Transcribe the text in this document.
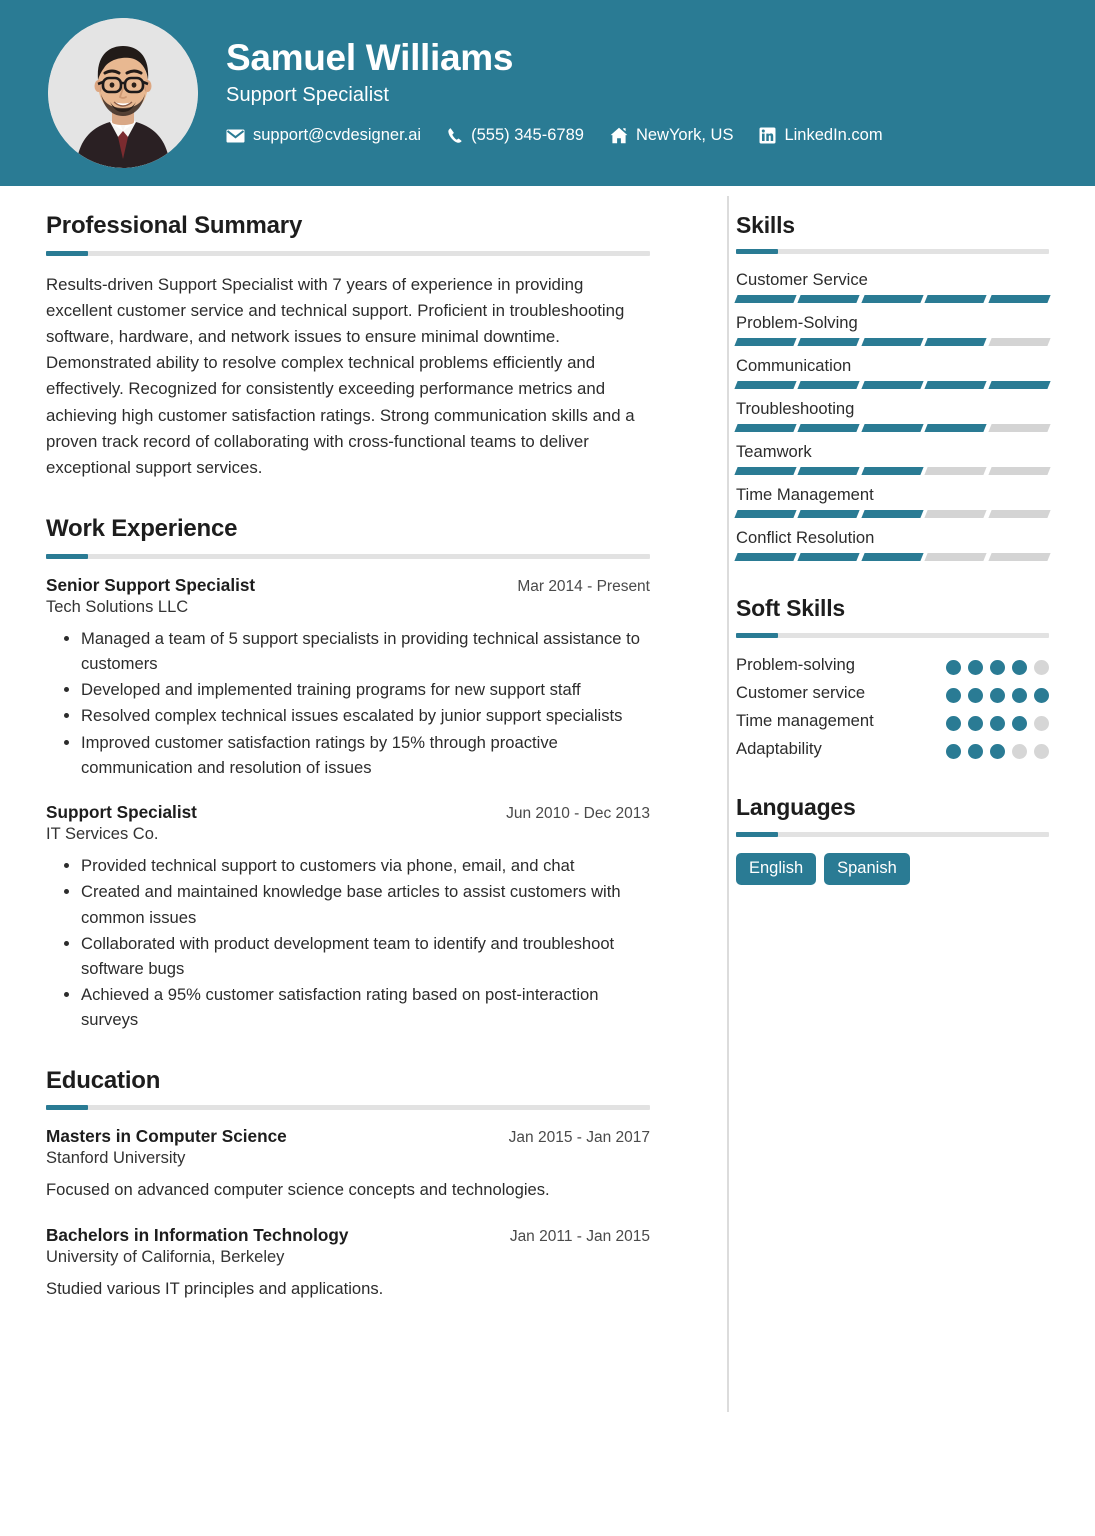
Samuel Williams
Support Specialist
support@cvdesigner.ai	(555) 345-6789	NewYork, US	LinkedIn.com
Professional Summary
Results-driven Support Specialist with 7 years of experience in providing excellent customer service and technical support. Proficient in troubleshooting software, hardware, and network issues to ensure minimal downtime. Demonstrated ability to resolve complex technical problems efficiently and effectively. Recognized for consistently exceeding performance metrics and achieving high customer satisfaction ratings. Strong communication skills and a proven track record of collaborating with cross-functional teams to deliver exceptional support services.
Work Experience
Senior Support Specialist	Mar 2014 - Present
Tech Solutions LLC
• Managed a team of 5 support specialists in providing technical assistance to customers
• Developed and implemented training programs for new support staff
• Resolved complex technical issues escalated by junior support specialists
• Improved customer satisfaction ratings by 15% through proactive communication and resolution of issues
Support Specialist	Jun 2010 - Dec 2013
IT Services Co.
• Provided technical support to customers via phone, email, and chat
• Created and maintained knowledge base articles to assist customers with common issues
• Collaborated with product development team to identify and troubleshoot software bugs
• Achieved a 95% customer satisfaction rating based on post-interaction surveys
Education
Masters in Computer Science	Jan 2015 - Jan 2017
Stanford University
Focused on advanced computer science concepts and technologies.
Bachelors in Information Technology	Jan 2011 - Jan 2015
University of California, Berkeley
Studied various IT principles and applications.
Skills
Customer Service
Problem-Solving
Communication
Troubleshooting
Teamwork
Time Management
Conflict Resolution
Soft Skills
Problem-solving
Customer service
Time management
Adaptability
Languages
English	Spanish
